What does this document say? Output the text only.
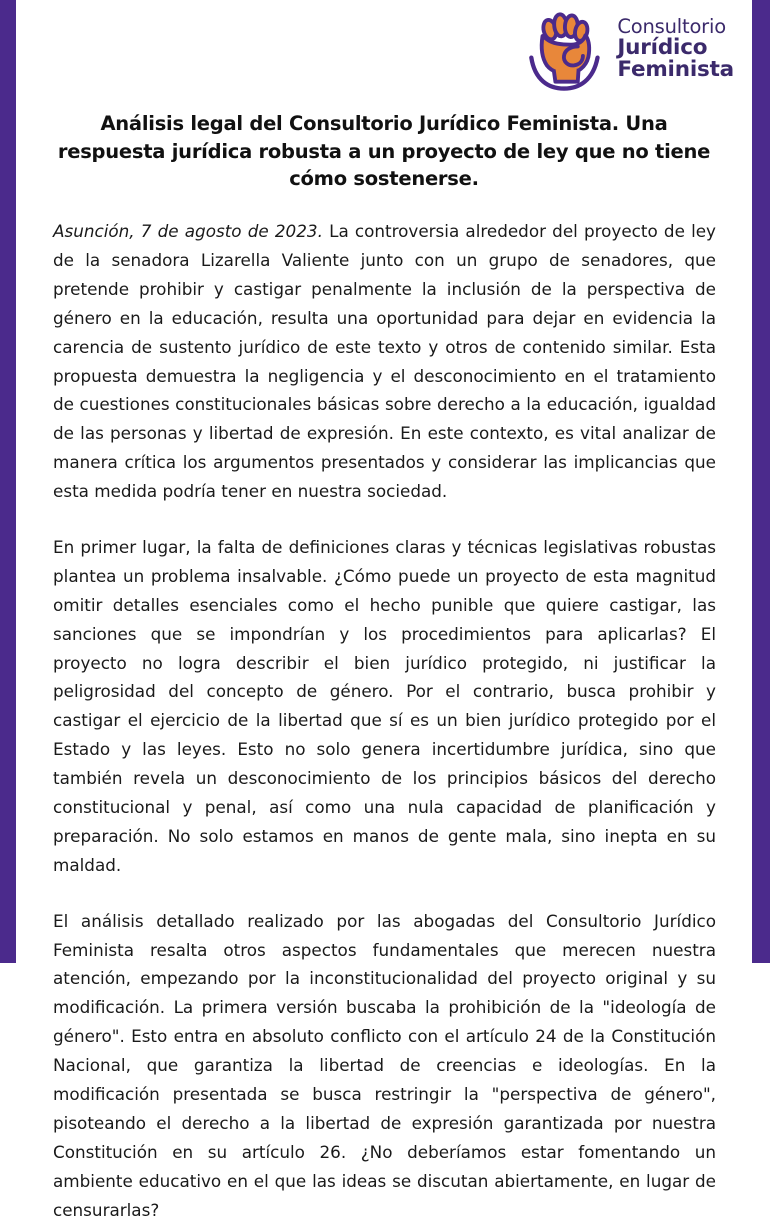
Consultorio
Jurídico
Feminista
Análisis legal del Consultorio Jurídico Feminista. Una respuesta jurídica robusta a un proyecto de ley que no tiene cómo sostenerse.

Asunción, 7 de agosto de 2023. La controversia alrededor del proyecto de ley de la senadora Lizarella Valiente junto con un grupo de senadores, que pretende prohibir y castigar penalmente la inclusión de la perspectiva de género en la educación, resulta una oportunidad para dejar en evidencia la carencia de sustento jurídico de este texto y otros de contenido similar. Esta propuesta demuestra la negligencia y el desconocimiento en el tratamiento de cuestiones constitucionales básicas sobre derecho a la educación, igualdad de las personas y libertad de expresión. En este contexto, es vital analizar de manera crítica los argumentos presentados y considerar las implicancias que esta medida podría tener en nuestra sociedad.

En primer lugar, la falta de definiciones claras y técnicas legislativas robustas plantea un problema insalvable. ¿Cómo puede un proyecto de esta magnitud omitir detalles esenciales como el hecho punible que quiere castigar, las sanciones que se impondrían y los procedimientos para aplicarlas? El proyecto no logra describir el bien jurídico protegido, ni justificar la peligrosidad del concepto de género. Por el contrario, busca prohibir y castigar el ejercicio de la libertad que sí es un bien jurídico protegido por el Estado y las leyes. Esto no solo genera incertidumbre jurídica, sino que también revela un desconocimiento de los principios básicos del derecho constitucional y penal, así como una nula capacidad de planificación y preparación. No solo estamos en manos de gente mala, sino inepta en su maldad.

El análisis detallado realizado por las abogadas del Consultorio Jurídico Feminista resalta otros aspectos fundamentales que merecen nuestra atención, empezando por la inconstitucionalidad del proyecto original y su modificación. La primera versión buscaba la prohibición de la "ideología de género". Esto entra en absoluto conflicto con el artículo 24 de la Constitución Nacional, que garantiza la libertad de creencias e ideologías. En la modificación presentada se busca restringir la "perspectiva de género", pisoteando el derecho a la libertad de expresión garantizada por nuestra Constitución en su artículo 26. ¿No deberíamos estar fomentando un ambiente educativo en el que las ideas se discutan abiertamente, en lugar de censurarlas?
